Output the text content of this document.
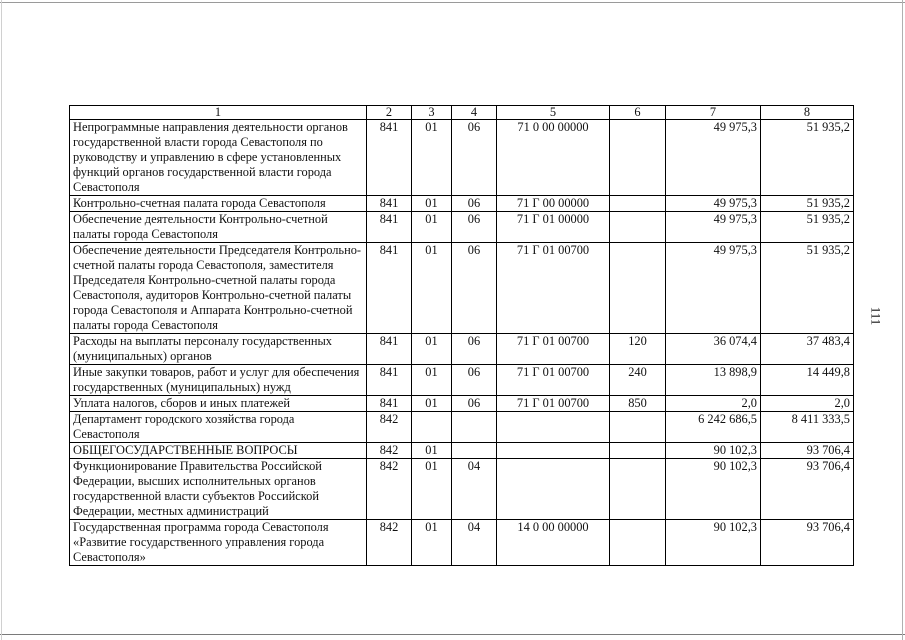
1	2	3	4	5	6	7	8
Непрограммные направления деятельности органов государственной власти города Севастополя по руководству и управлению в сфере установленных функций органов государственной власти города Севастополя	841	01	06	71 0 00 00000		49 975,3	51 935,2
Контрольно-счетная палата города Севастополя	841	01	06	71 Г 00 00000		49 975,3	51 935,2
Обеспечение деятельности Контрольно-счетной палаты города Севастополя	841	01	06	71 Г 01 00000		49 975,3	51 935,2
Обеспечение деятельности Председателя Контрольно-счетной палаты города Севастополя, заместителя Председателя Контрольно-счетной палаты города Севастополя, аудиторов Контрольно-счетной палаты города Севастополя и Аппарата Контрольно-счетной палаты города Севастополя	841	01	06	71 Г 01 00700		49 975,3	51 935,2
Расходы на выплаты персоналу государственных (муниципальных) органов	841	01	06	71 Г 01 00700	120	36 074,4	37 483,4
Иные закупки товаров, работ и услуг для обеспечения государственных (муниципальных) нужд	841	01	06	71 Г 01 00700	240	13 898,9	14 449,8
Уплата налогов, сборов и иных платежей	841	01	06	71 Г 01 00700	850	2,0	2,0
Департамент городского хозяйства города Севастополя	842					6 242 686,5	8 411 333,5
ОБЩЕГОСУДАРСТВЕННЫЕ ВОПРОСЫ	842	01				90 102,3	93 706,4
Функционирование Правительства Российской Федерации, высших исполнительных органов государственной власти субъектов Российской Федерации, местных администраций	842	01	04			90 102,3	93 706,4
Государственная программа города Севастополя «Развитие государственного управления города Севастополя»	842	01	04	14 0 00 00000		90 102,3	93 706,4
111
